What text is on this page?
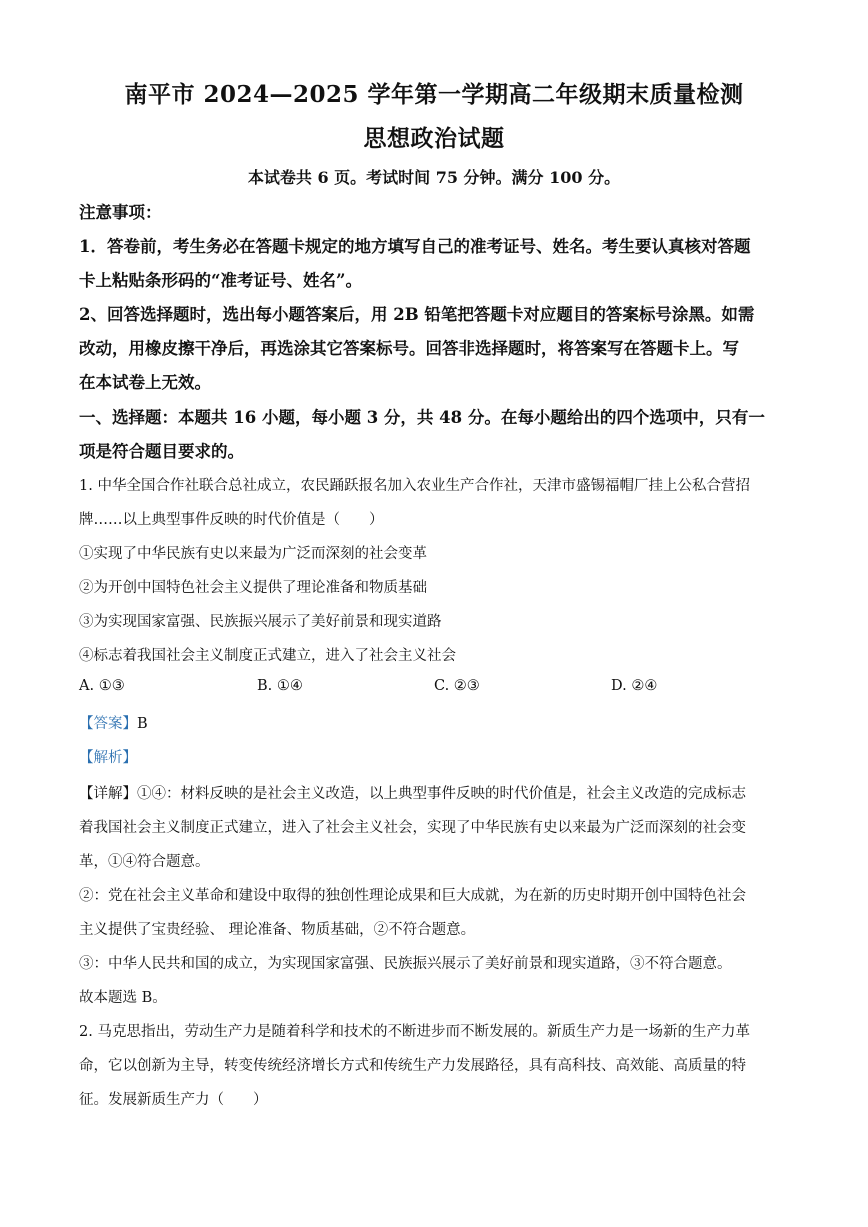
南平市 2024—2025 学年第一学期高二年级期末质量检测
思想政治试题
本试卷共 6 页。考试时间 75 分钟。满分 100 分。
注意事项：
1．答卷前，考生务必在答题卡规定的地方填写自己的准考证号、姓名。考生要认真核对答题
卡上粘贴条形码的“准考证号、姓名”。
2、回答选择题时，选出每小题答案后，用 2B 铅笔把答题卡对应题目的答案标号涂黑。如需
改动，用橡皮擦干净后，再选涂其它答案标号。回答非选择题时，将答案写在答题卡上。写
在本试卷上无效。
一、选择题：本题共 16 小题，每小题 3 分，共 48 分。在每小题给出的四个选项中，只有一
项是符合题目要求的。
1. 中华全国合作社联合总社成立，农民踊跃报名加入农业生产合作社，天津市盛锡福帽厂挂上公私合营招
牌……以上典型事件反映的时代价值是（　　）
①实现了中华民族有史以来最为广泛而深刻的社会变革
②为开创中国特色社会主义提供了理论准备和物质基础
③为实现国家富强、民族振兴展示了美好前景和现实道路
④标志着我国社会主义制度正式建立，进入了社会主义社会
A. ①③	B. ①④	C. ②③	D. ②④
【答案】B
【解析】
【详解】①④：材料反映的是社会主义改造，以上典型事件反映的时代价值是，社会主义改造的完成标志
着我国社会主义制度正式建立，进入了社会主义社会，实现了中华民族有史以来最为广泛而深刻的社会变
革，①④符合题意。
②：党在社会主义革命和建设中取得的独创性理论成果和巨大成就，为在新的历史时期开创中国特色社会
主义提供了宝贵经验、 理论准备、物质基础，②不符合题意。
③：中华人民共和国的成立，为实现国家富强、民族振兴展示了美好前景和现实道路，③不符合题意。
故本题选 B。
2. 马克思指出，劳动生产力是随着科学和技术的不断进步而不断发展的。新质生产力是一场新的生产力革
命，它以创新为主导，转变传统经济增长方式和传统生产力发展路径，具有高科技、高效能、高质量的特
征。发展新质生产力（　　）
